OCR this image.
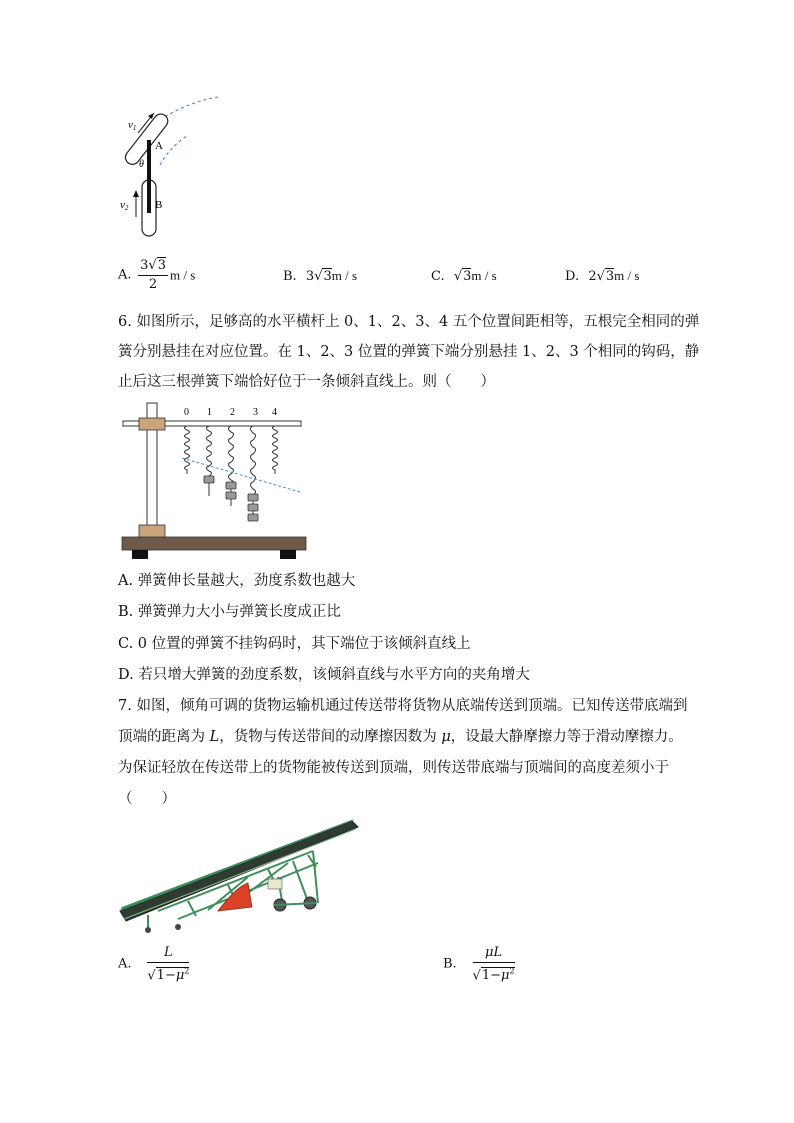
v1
v2
A
B
θ
A. $\frac{3√3}{2}$ m / s	B. 3√3m / s	C. √3m / s	D. 2√3m / s
6. 如图所示，足够高的水平横杆上 0、1、2、3、4 五个位置间距相等，五根完全相同的弹
簧分别悬挂在对应位置。在 1、2、3 位置的弹簧下端分别悬挂 1、2、3 个相同的钩码，静
止后这三根弹簧下端恰好位于一条倾斜直线上。则（　　）
0 1 2 3 4
A. 弹簧伸长量越大，劲度系数也越大
B. 弹簧弹力大小与弹簧长度成正比
C. 0 位置的弹簧不挂钩码时，其下端位于该倾斜直线上
D. 若只增大弹簧的劲度系数，该倾斜直线与水平方向的夹角增大
7. 如图，倾角可调的货物运输机通过传送带将货物从底端传送到顶端。已知传送带底端到
顶端的距离为 L，货物与传送带间的动摩擦因数为 μ，设最大静摩擦力等于滑动摩擦力。
为保证轻放在传送带上的货物能被传送到顶端，则传送带底端与顶端间的高度差须小于
（　　）
A. $\frac{L}{√1-\mu^2}$	B. $\frac{\mu L}{√1-\mu^2}$
